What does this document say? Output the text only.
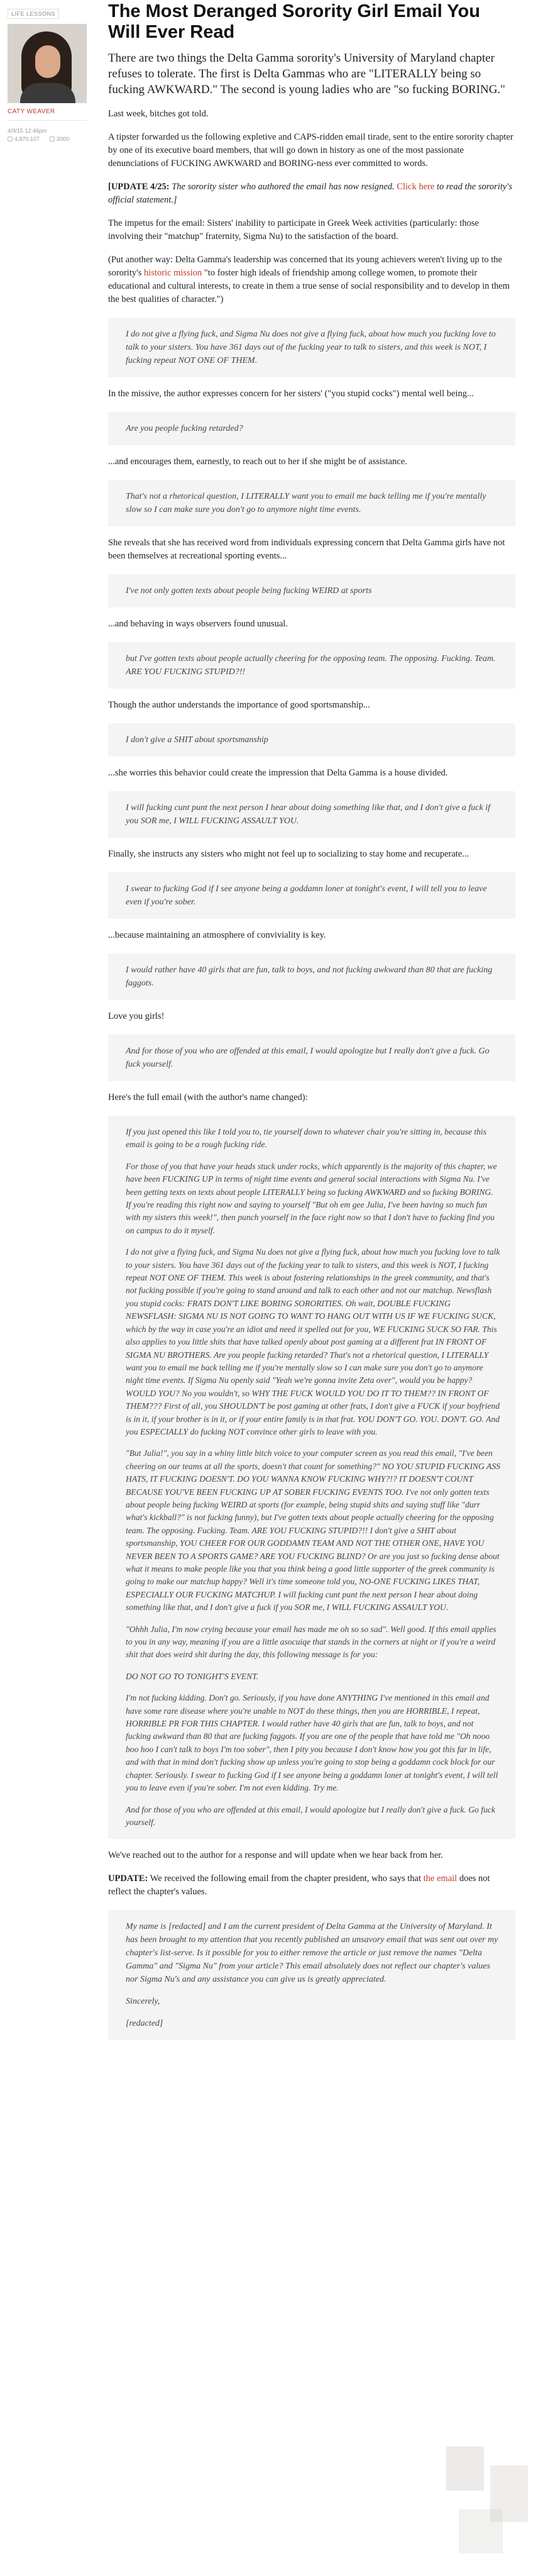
LIFE LESSONS
CATY WEAVER
4/9/15 12:46pm
4,870,107	2000
The Most Deranged Sorority Girl Email You Will Ever Read

There are two things the Delta Gamma sorority's University of Maryland chapter refuses to tolerate. The first is Delta Gammas who are "LITERALLY being so fucking AWKWARD." The second is young ladies who are "so fucking BORING."

Last week, bitches got told.

A tipster forwarded us the following expletive and CAPS-ridden email tirade, sent to the entire sorority chapter by one of its executive board members, that will go down in history as one of the most passionate denunciations of FUCKING AWKWARD and BORING-ness ever committed to words.

[UPDATE 4/25: The sorority sister who authored the email has now resigned. Click here to read the sorority's official statement.]

The impetus for the email: Sisters' inability to participate in Greek Week activities (particularly: those involving their "matchup" fraternity, Sigma Nu) to the satisfaction of the board.

(Put another way: Delta Gamma's leadership was concerned that its young achievers weren't living up to the sorority's historic mission "to foster high ideals of friendship among college women, to promote their educational and cultural interests, to create in them a true sense of social responsibility and to develop in them the best qualities of character.")

I do not give a flying fuck, and Sigma Nu does not give a flying fuck, about how much you fucking love to talk to your sisters. You have 361 days out of the fucking year to talk to sisters, and this week is NOT, I fucking repeat NOT ONE OF THEM.

In the missive, the author expresses concern for her sisters' ("you stupid cocks") mental well being...

Are you people fucking retarded?

...and encourages them, earnestly, to reach out to her if she might be of assistance.

That's not a rhetorical question, I LITERALLY want you to email me back telling me if you're mentally slow so I can make sure you don't go to anymore night time events.

She reveals that she has received word from individuals expressing concern that Delta Gamma girls have not been themselves at recreational sporting events...

I've not only gotten texts about people being fucking WEIRD at sports

...and behaving in ways observers found unusual.

but I've gotten texts about people actually cheering for the opposing team. The opposing. Fucking. Team. ARE YOU FUCKING STUPID?!!

Though the author understands the importance of good sportsmanship...

I don't give a SHIT about sportsmanship

...she worries this behavior could create the impression that Delta Gamma is a house divided.

I will fucking cunt punt the next person I hear about doing something like that, and I don't give a fuck if you SOR me, I WILL FUCKING ASSAULT YOU.

Finally, she instructs any sisters who might not feel up to socializing to stay home and recuperate...

I swear to fucking God if I see anyone being a goddamn loner at tonight's event, I will tell you to leave even if you're sober.

...because maintaining an atmosphere of conviviality is key.

I would rather have 40 girls that are fun, talk to boys, and not fucking awkward than 80 that are fucking faggots.

Love you girls!

And for those of you who are offended at this email, I would apologize but I really don't give a fuck. Go fuck yourself.

Here's the full email (with the author's name changed):

If you just opened this like I told you to, tie yourself down to whatever chair you're sitting in, because this email is going to be a rough fucking ride.

For those of you that have your heads stuck under rocks, which apparently is the majority of this chapter, we have been FUCKING UP in terms of night time events and general social interactions with Sigma Nu. I've been getting texts on texts about people LITERALLY being so fucking AWKWARD and so fucking BORING. If you're reading this right now and saying to yourself "But oh em gee Julia, I've been having so much fun with my sisters this week!", then punch yourself in the face right now so that I don't have to fucking find you on campus to do it myself.

I do not give a flying fuck, and Sigma Nu does not give a flying fuck, about how much you fucking love to talk to your sisters. You have 361 days out of the fucking year to talk to sisters, and this week is NOT, I fucking repeat NOT ONE OF THEM. This week is about fostering relationships in the greek community, and that's not fucking possible if you're going to stand around and talk to each other and not our matchup. Newsflash you stupid cocks: FRATS DON'T LIKE BORING SORORITIES. Oh wait, DOUBLE FUCKING NEWSFLASH: SIGMA NU IS NOT GOING TO WANT TO HANG OUT WITH US IF WE FUCKING SUCK, which by the way in case you're an idiot and need it spelled out for you, WE FUCKING SUCK SO FAR. This also applies to you little shits that have talked openly about post gaming at a different frat IN FRONT OF SIGMA NU BROTHERS. Are you people fucking retarded? That's not a rhetorical question, I LITERALLY want you to email me back telling me if you're mentally slow so I can make sure you don't go to anymore night time events. If Sigma Nu openly said "Yeah we're gonna invite Zeta over", would you be happy? WOULD YOU? No you wouldn't, so WHY THE FUCK WOULD YOU DO IT TO THEM?? IN FRONT OF THEM??? First of all, you SHOULDN'T be post gaming at other frats, I don't give a FUCK if your boyfriend is in it, if your brother is in it, or if your entire family is in that frat. YOU DON'T GO. YOU. DON'T. GO. And you ESPECIALLY do fucking NOT convince other girls to leave with you.

"But Julia!", you say in a whiny little bitch voice to your computer screen as you read this email, "I've been cheering on our teams at all the sports, doesn't that count for something?" NO YOU STUPID FUCKING ASS HATS, IT FUCKING DOESN'T. DO YOU WANNA KNOW FUCKING WHY?!? IT DOESN'T COUNT BECAUSE YOU'VE BEEN FUCKING UP AT SOBER FUCKING EVENTS TOO. I've not only gotten texts about people being fucking WEIRD at sports (for example, being stupid shits and saying stuff like "durr what's kickball?" is not fucking funny), but I've gotten texts about people actually cheering for the opposing team. The opposing. Fucking. Team. ARE YOU FUCKING STUPID?!! I don't give a SHIT about sportsmanship, YOU CHEER FOR OUR GODDAMN TEAM AND NOT THE OTHER ONE, HAVE YOU NEVER BEEN TO A SPORTS GAME? ARE YOU FUCKING BLIND? Or are you just so fucking dense about what it means to make people like you that you think being a good little supporter of the greek community is going to make our matchup happy? Well it's time someone told you, NO-ONE FUCKING LIKES THAT, ESPECIALLY OUR FUCKING MATCHUP. I will fucking cunt punt the next person I hear about doing something like that, and I don't give a fuck if you SOR me, I WILL FUCKING ASSAULT YOU.

"Ohhh Julia, I'm now crying because your email has made me oh so so sad". Well good. If this email applies to you in any way, meaning if you are a little asocuiqe that stands in the corners at night or if you're a weird shit that does weird shit during the day, this following message is for you:

DO NOT GO TO TONIGHT'S EVENT.

I'm not fucking kidding. Don't go. Seriously, if you have done ANYTHING I've mentioned in this email and have some rare disease where you're unable to NOT do these things, then you are HORRIBLE, I repeat, HORRIBLE PR FOR THIS CHAPTER. I would rather have 40 girls that are fun, talk to boys, and not fucking awkward than 80 that are fucking faggots. If you are one of the people that have told me "Oh nooo boo hoo I can't talk to boys I'm too sober", then I pity you because I don't know how you got this far in life, and with that in mind don't fucking show up unless you're going to stop being a goddamn cock block for our chapter. Seriously. I swear to fucking God if I see anyone being a goddamn loner at tonight's event, I will tell you to leave even if you're sober. I'm not even kidding. Try me.

And for those of you who are offended at this email, I would apologize but I really don't give a fuck. Go fuck yourself.

We've reached out to the author for a response and will update when we hear back from her.

UPDATE: We received the following email from the chapter president, who says that the email does not reflect the chapter's values.

My name is [redacted] and I am the current president of Delta Gamma at the University of Maryland. It has been brought to my attention that you recently published an unsavory email that was sent out over my chapter's list-serve. Is it possible for you to either remove the article or just remove the names "Delta Gamma" and "Sigma Nu" from your article? This email absolutely does not reflect our chapter's values nor Sigma Nu's and any assistance you can give us is greatly appreciated.

Sincerely,

[redacted]
